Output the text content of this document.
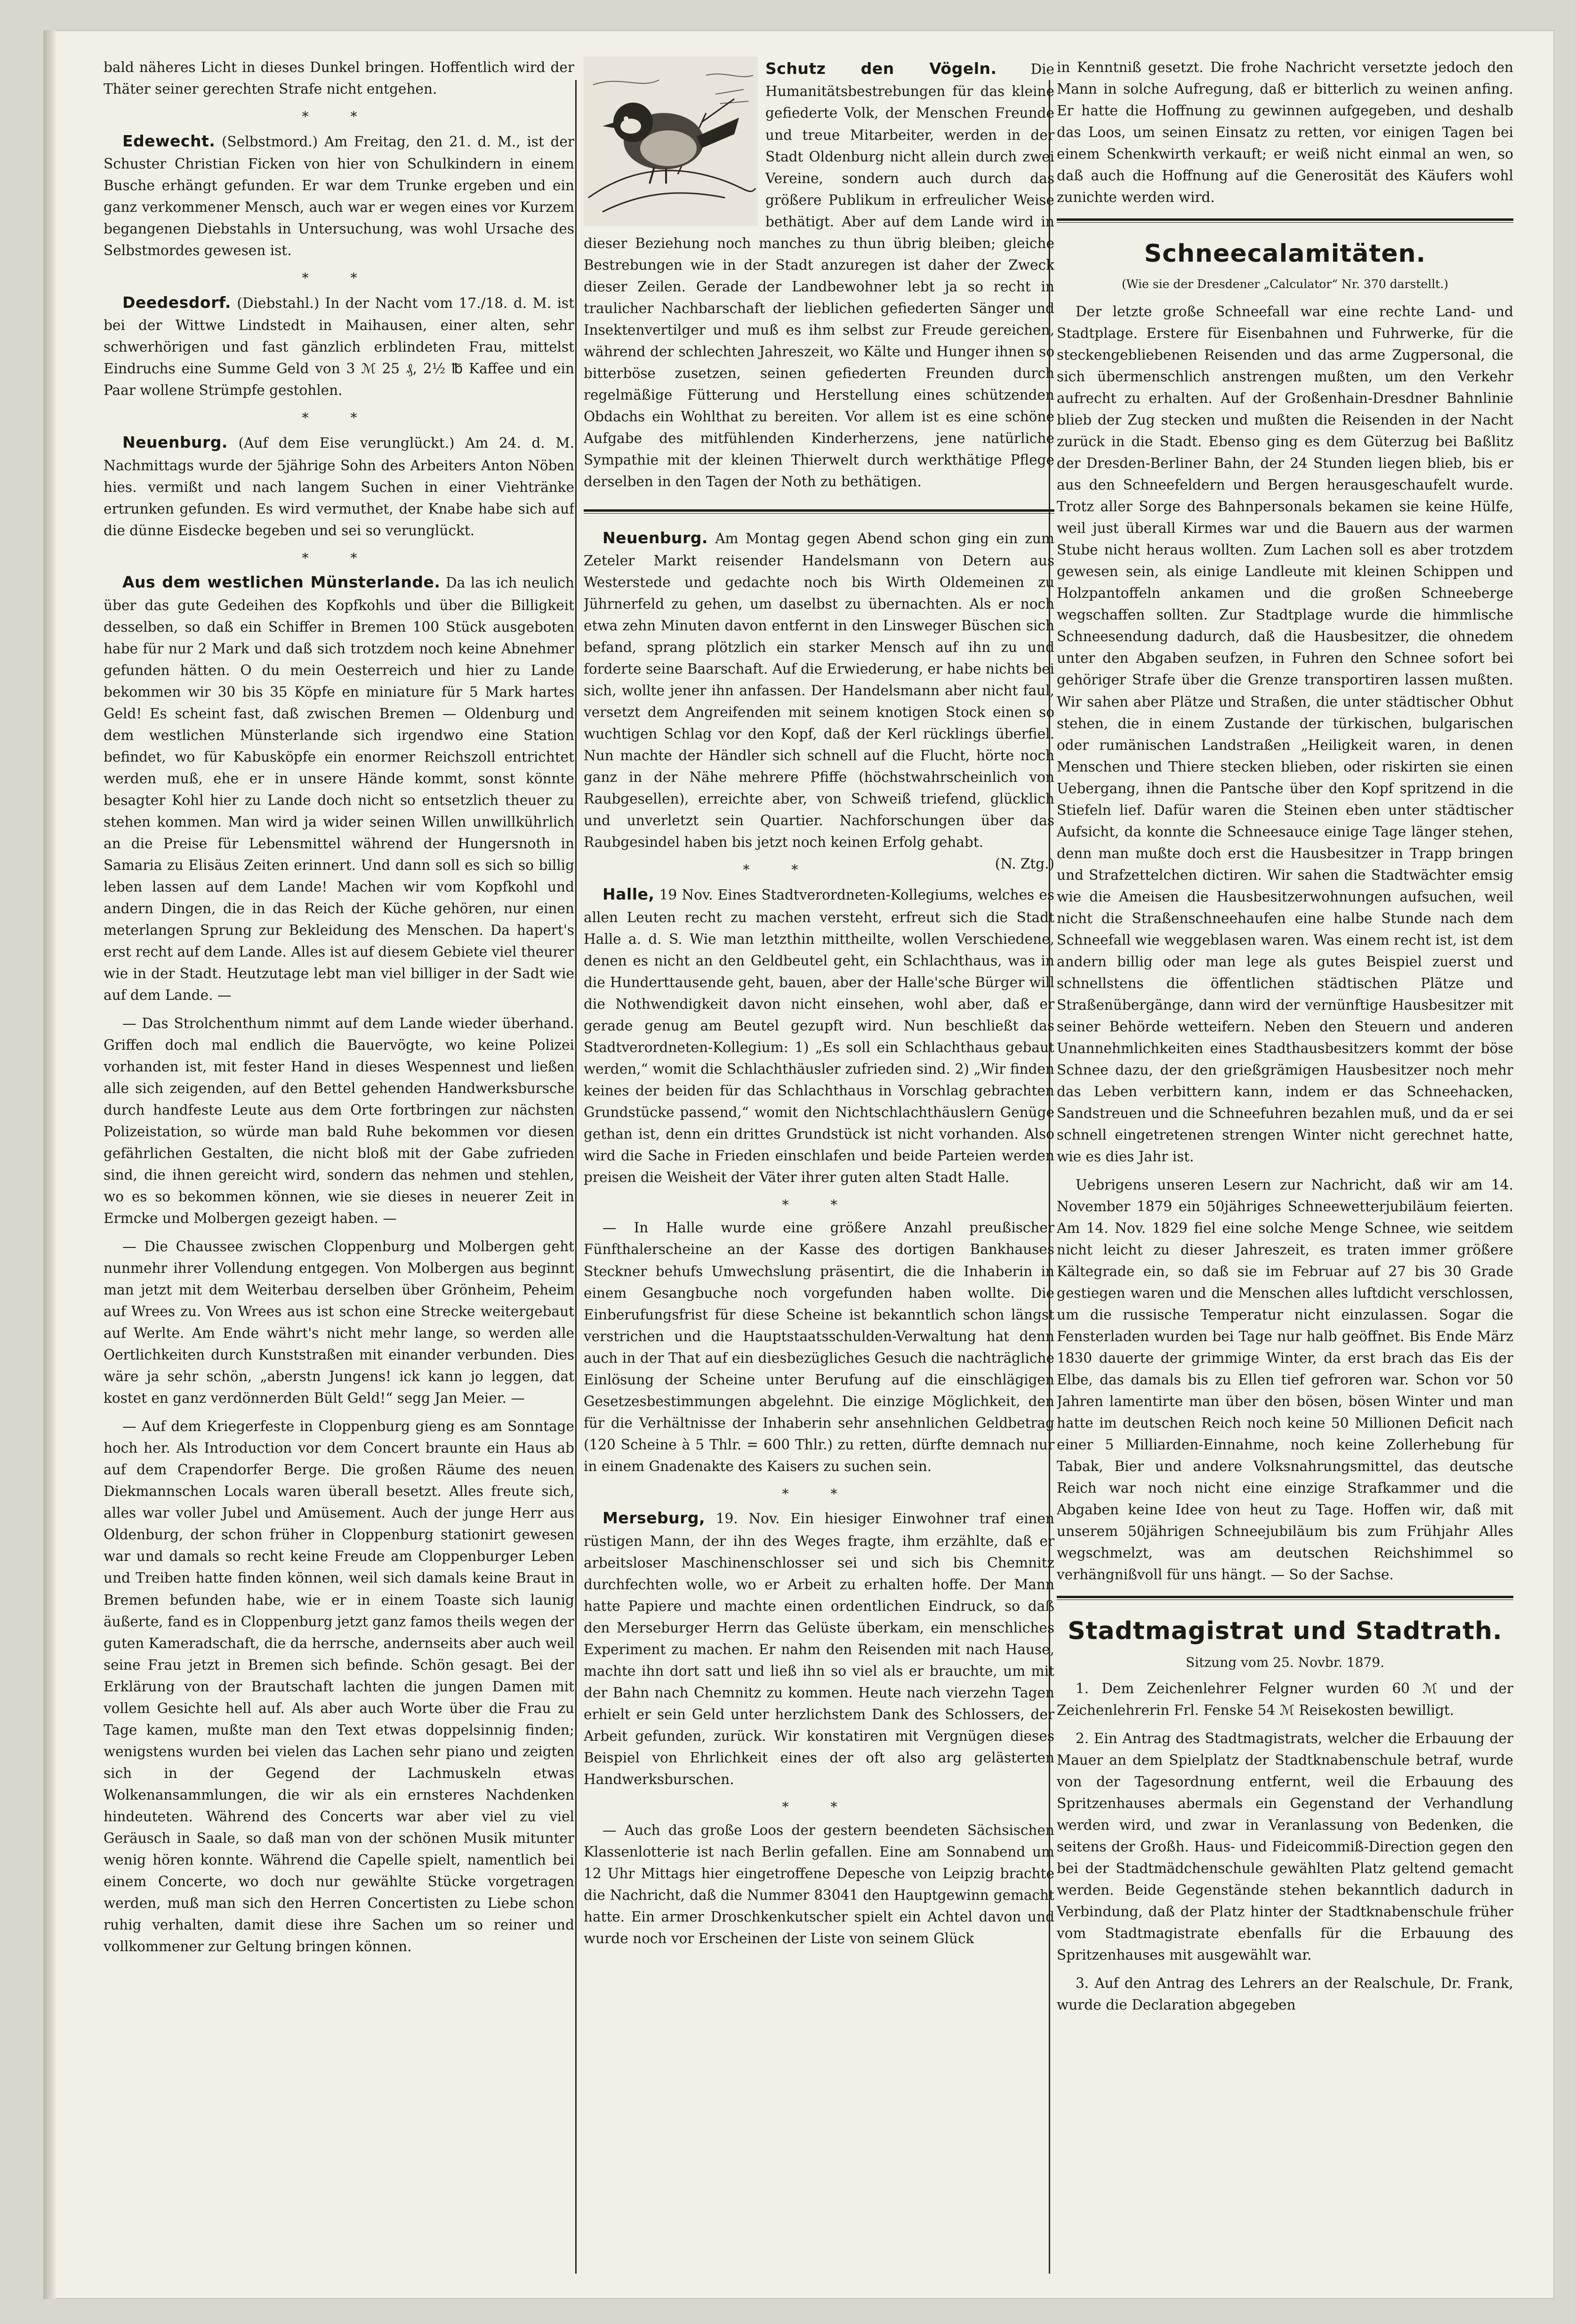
bald näheres Licht in dieses Dunkel bringen. Hoffentlich wird der Thäter seiner gerechten Strafe nicht entgehen.

* *

Edewecht. (Selbstmord.) Am Freitag, den 21. d. M., ist der Schuster Christian Ficken von hier von Schulkindern in einem Busche erhängt gefunden. Er war dem Trunke ergeben und ein ganz verkommener Mensch, auch war er wegen eines vor Kurzem begangenen Diebstahls in Untersuchung, was wohl Ursache des Selbstmordes gewesen ist.

* *

Deedesdorf. (Diebstahl.) In der Nacht vom 17./18. d. M. ist bei der Wittwe Lindstedt in Maihausen, einer alten, sehr schwerhörigen und fast gänzlich erblindeten Frau, mittelst Eindruchs eine Summe Geld von 3 ℳ 25 ₰, 2½ ℔ Kaffee und ein Paar wollene Strümpfe gestohlen.

* *

Neuenburg. (Auf dem Eise verunglückt.) Am 24. d. M. Nachmittags wurde der 5jährige Sohn des Arbeiters Anton Nöben hies. vermißt und nach langem Suchen in einer Viehtränke ertrunken gefunden. Es wird vermuthet, der Knabe habe sich auf die dünne Eisdecke begeben und sei so verunglückt.

* *

Aus dem westlichen Münsterlande. Da las ich neulich über das gute Gedeihen des Kopfkohls und über die Billigkeit desselben, so daß ein Schiffer in Bremen 100 Stück ausgeboten habe für nur 2 Mark und daß sich trotzdem noch keine Abnehmer gefunden hätten. O du mein Oesterreich und hier zu Lande bekommen wir 30 bis 35 Köpfe en miniature für 5 Mark hartes Geld! Es scheint fast, daß zwischen Bremen — Oldenburg und dem westlichen Münsterlande sich irgendwo eine Station befindet, wo für Kabusköpfe ein enormer Reichszoll entrichtet werden muß, ehe er in unsere Hände kommt, sonst könnte besagter Kohl hier zu Lande doch nicht so entsetzlich theuer zu stehen kommen. Man wird ja wider seinen Willen unwillkührlich an die Preise für Lebensmittel während der Hungersnoth in Samaria zu Elisäus Zeiten erinnert. Und dann soll es sich so billig leben lassen auf dem Lande! Machen wir vom Kopfkohl und andern Dingen, die in das Reich der Küche gehören, nur einen meterlangen Sprung zur Bekleidung des Menschen. Da hapert's erst recht auf dem Lande. Alles ist auf diesem Gebiete viel theurer wie in der Stadt. Heutzutage lebt man viel billiger in der Sadt wie auf dem Lande. —

— Das Strolchenthum nimmt auf dem Lande wieder überhand. Griffen doch mal endlich die Bauervögte, wo keine Polizei vorhanden ist, mit fester Hand in dieses Wespennest und ließen alle sich zeigenden, auf den Bettel gehenden Handwerksbursche durch handfeste Leute aus dem Orte fortbringen zur nächsten Polizeistation, so würde man bald Ruhe bekommen vor diesen gefährlichen Gestalten, die nicht bloß mit der Gabe zufrieden sind, die ihnen gereicht wird, sondern das nehmen und stehlen, wo es so bekommen können, wie sie dieses in neuerer Zeit in Ermcke und Molbergen gezeigt haben. —

— Die Chaussee zwischen Cloppenburg und Molbergen geht nunmehr ihrer Vollendung entgegen. Von Molbergen aus beginnt man jetzt mit dem Weiterbau derselben über Grönheim, Peheim auf Wrees zu. Von Wrees aus ist schon eine Strecke weitergebaut auf Werlte. Am Ende währt's nicht mehr lange, so werden alle Oertlichkeiten durch Kunststraßen mit einander verbunden. Dies wäre ja sehr schön, „aberstn Jungens! ick kann jo leggen, dat kostet en ganz verdönnerden Bült Geld!“ segg Jan Meier. —

— Auf dem Kriegerfeste in Cloppenburg gieng es am Sonntage hoch her. Als Introduction vor dem Concert braunte ein Haus ab auf dem Crapendorfer Berge. Die großen Räume des neuen Diekmannschen Locals waren überall besetzt. Alles freute sich, alles war voller Jubel und Amüsement. Auch der junge Herr aus Oldenburg, der schon früher in Cloppenburg stationirt gewesen war und damals so recht keine Freude am Cloppenburger Leben und Treiben hatte finden können, weil sich damals keine Braut in Bremen befunden habe, wie er in einem Toaste sich launig äußerte, fand es in Cloppenburg jetzt ganz famos theils wegen der guten Kameradschaft, die da herrsche, andernseits aber auch weil seine Frau jetzt in Bremen sich befinde. Schön gesagt. Bei der Erklärung von der Brautschaft lachten die jungen Damen mit vollem Gesichte hell auf. Als aber auch Worte über die Frau zu Tage kamen, mußte man den Text etwas doppelsinnig finden; wenigstens wurden bei vielen das Lachen sehr piano und zeigten sich in der Gegend der Lachmuskeln etwas Wolkenansammlungen, die wir als ein ernsteres Nachdenken hindeuteten. Während des Concerts war aber viel zu viel Geräusch in Saale, so daß man von der schönen Musik mitunter wenig hören konnte. Während die Capelle spielt, namentlich bei einem Concerte, wo doch nur gewählte Stücke vorgetragen werden, muß man sich den Herren Concertisten zu Liebe schon ruhig verhalten, damit diese ihre Sachen um so reiner und vollkommener zur Geltung bringen können.

Schutz den Vögeln. Die Humanitätsbestrebungen für das kleine gefiederte Volk, der Menschen Freunde und treue Mitarbeiter, werden in der Stadt Oldenburg nicht allein durch zwei Vereine, sondern auch durch das größere Publikum in erfreulicher Weise bethätigt. Aber auf dem Lande wird in dieser Beziehung noch manches zu thun übrig bleiben; gleiche Bestrebungen wie in der Stadt anzuregen ist daher der Zweck dieser Zeilen. Gerade der Landbewohner lebt ja so recht in traulicher Nachbarschaft der lieblichen gefiederten Sänger und Insektenvertilger und muß es ihm selbst zur Freude gereichen, während der schlechten Jahreszeit, wo Kälte und Hunger ihnen so bitterböse zusetzen, seinen gefiederten Freunden durch regelmäßige Fütterung und Herstellung eines schützenden Obdachs ein Wohlthat zu bereiten. Vor allem ist es eine schöne Aufgabe des mitfühlenden Kinderherzens, jene natürliche Sympathie mit der kleinen Thierwelt durch werkthätige Pflege derselben in den Tagen der Noth zu bethätigen.

Neuenburg. Am Montag gegen Abend schon ging ein zum Zeteler Markt reisender Handelsmann von Detern aus Westerstede und gedachte noch bis Wirth Oldemeinen zu Jührnerfeld zu gehen, um daselbst zu übernachten. Als er noch etwa zehn Minuten davon entfernt in den Linsweger Büschen sich befand, sprang plötzlich ein starker Mensch auf ihn zu und forderte seine Baarschaft. Auf die Erwiederung, er habe nichts bei sich, wollte jener ihn anfassen. Der Handelsmann aber nicht faul, versetzt dem Angreifenden mit seinem knotigen Stock einen so wuchtigen Schlag vor den Kopf, daß der Kerl rücklings überfiel. Nun machte der Händler sich schnell auf die Flucht, hörte noch ganz in der Nähe mehrere Pfiffe (höchstwahrscheinlich von Raubgesellen), erreichte aber, von Schweiß triefend, glücklich und unverletzt sein Quartier. Nachforschungen über das Raubgesindel haben bis jetzt noch keinen Erfolg gehabt.
(N. Ztg.)

* *

Halle, 19 Nov. Eines Stadtverordneten-Kollegiums, welches es allen Leuten recht zu machen versteht, erfreut sich die Stadt Halle a. d. S. Wie man letzthin mittheilte, wollen Verschiedene, denen es nicht an den Geldbeutel geht, ein Schlachthaus, was in die Hunderttausende geht, bauen, aber der Halle'sche Bürger will die Nothwendigkeit davon nicht einsehen, wohl aber, daß er gerade genug am Beutel gezupft wird. Nun beschließt das Stadtverordneten-Kollegium: 1) „Es soll ein Schlachthaus gebaut werden,“ womit die Schlachthäusler zufrieden sind. 2) „Wir finden keines der beiden für das Schlachthaus in Vorschlag gebrachten Grundstücke passend,“ womit den Nichtschlachthäuslern Genüge gethan ist, denn ein drittes Grundstück ist nicht vorhanden. Also wird die Sache in Frieden einschlafen und beide Parteien werden preisen die Weisheit der Väter ihrer guten alten Stadt Halle.

* *

— In Halle wurde eine größere Anzahl preußischer Fünfthalerscheine an der Kasse des dortigen Bankhauses Steckner behufs Umwechslung präsentirt, die die Inhaberin in einem Gesangbuche noch vorgefunden haben wollte. Die Einberufungsfrist für diese Scheine ist bekanntlich schon längst verstrichen und die Hauptstaatsschulden-Verwaltung hat denn auch in der That auf ein diesbezügliches Gesuch die nachträgliche Einlösung der Scheine unter Berufung auf die einschlägigen Gesetzesbestimmungen abgelehnt. Die einzige Möglichkeit, den für die Verhältnisse der Inhaberin sehr ansehnlichen Geldbetrag (120 Scheine à 5 Thlr. = 600 Thlr.) zu retten, dürfte demnach nur in einem Gnadenakte des Kaisers zu suchen sein.

* *

Merseburg, 19. Nov. Ein hiesiger Einwohner traf einen rüstigen Mann, der ihn des Weges fragte, ihm erzählte, daß er arbeitsloser Maschinenschlosser sei und sich bis Chemnitz durchfechten wolle, wo er Arbeit zu erhalten hoffe. Der Mann hatte Papiere und machte einen ordentlichen Eindruck, so daß den Merseburger Herrn das Gelüste überkam, ein menschliches Experiment zu machen. Er nahm den Reisenden mit nach Hause, machte ihn dort satt und ließ ihn so viel als er brauchte, um mit der Bahn nach Chemnitz zu kommen. Heute nach vierzehn Tagen erhielt er sein Geld unter herzlichstem Dank des Schlossers, der Arbeit gefunden, zurück. Wir konstatiren mit Vergnügen dieses Beispiel von Ehrlichkeit eines der oft also arg gelästerten Handwerksburschen.

* *

— Auch das große Loos der gestern beendeten Sächsischen Klassenlotterie ist nach Berlin gefallen. Eine am Sonnabend um 12 Uhr Mittags hier eingetroffene Depesche von Leipzig brachte die Nachricht, daß die Nummer 83041 den Hauptgewinn gemacht hatte. Ein armer Droschkenkutscher spielt ein Achtel davon und wurde noch vor Erscheinen der Liste von seinem Glück

in Kenntniß gesetzt. Die frohe Nachricht versetzte jedoch den Mann in solche Aufregung, daß er bitterlich zu weinen anfing. Er hatte die Hoffnung zu gewinnen aufgegeben, und deshalb das Loos, um seinen Einsatz zu retten, vor einigen Tagen bei einem Schenkwirth verkauft; er weiß nicht einmal an wen, so daß auch die Hoffnung auf die Generosität des Käufers wohl zunichte werden wird.

Schneecalamitäten.
(Wie sie der Dresdener „Calculator“ Nr. 370 darstellt.)

Der letzte große Schneefall war eine rechte Land- und Stadtplage. Erstere für Eisenbahnen und Fuhrwerke, für die steckengebliebenen Reisenden und das arme Zugpersonal, die sich übermenschlich anstrengen mußten, um den Verkehr aufrecht zu erhalten. Auf der Großenhain-Dresdner Bahnlinie blieb der Zug stecken und mußten die Reisenden in der Nacht zurück in die Stadt. Ebenso ging es dem Güterzug bei Baßlitz der Dresden-Berliner Bahn, der 24 Stunden liegen blieb, bis er aus den Schneefeldern und Bergen herausgeschaufelt wurde. Trotz aller Sorge des Bahnpersonals bekamen sie keine Hülfe, weil just überall Kirmes war und die Bauern aus der warmen Stube nicht heraus wollten. Zum Lachen soll es aber trotzdem gewesen sein, als einige Landleute mit kleinen Schippen und Holzpantoffeln ankamen und die großen Schneeberge wegschaffen sollten. Zur Stadtplage wurde die himmlische Schneesendung dadurch, daß die Hausbesitzer, die ohnedem unter den Abgaben seufzen, in Fuhren den Schnee sofort bei gehöriger Strafe über die Grenze transportiren lassen mußten. Wir sahen aber Plätze und Straßen, die unter städtischer Obhut stehen, die in einem Zustande der türkischen, bulgarischen oder rumänischen Landstraßen „Heiligkeit waren, in denen Menschen und Thiere stecken blieben, oder riskirten sie einen Uebergang, ihnen die Pantsche über den Kopf spritzend in die Stiefeln lief. Dafür waren die Steinen eben unter städtischer Aufsicht, da konnte die Schneesauce einige Tage länger stehen, denn man mußte doch erst die Hausbesitzer in Trapp bringen und Strafzettelchen dictiren. Wir sahen die Stadtwächter emsig wie die Ameisen die Hausbesitzerwohnungen aufsuchen, weil nicht die Straßenschneehaufen eine halbe Stunde nach dem Schneefall wie weggeblasen waren. Was einem recht ist, ist dem andern billig oder man lege als gutes Beispiel zuerst und schnellstens die öffentlichen städtischen Plätze und Straßenübergänge, dann wird der vernünftige Hausbesitzer mit seiner Behörde wetteifern. Neben den Steuern und anderen Unannehmlichkeiten eines Stadthausbesitzers kommt der böse Schnee dazu, der den grießgrämigen Hausbesitzer noch mehr das Leben verbittern kann, indem er das Schneehacken, Sandstreuen und die Schneefuhren bezahlen muß, und da er sei schnell eingetretenen strengen Winter nicht gerechnet hatte, wie es dies Jahr ist.

Uebrigens unseren Lesern zur Nachricht, daß wir am 14. November 1879 ein 50jähriges Schneewetterjubiläum feierten. Am 14. Nov. 1829 fiel eine solche Menge Schnee, wie seitdem nicht leicht zu dieser Jahreszeit, es traten immer größere Kältegrade ein, so daß sie im Februar auf 27 bis 30 Grade gestiegen waren und die Menschen alles luftdicht verschlossen, um die russische Temperatur nicht einzulassen. Sogar die Fensterladen wurden bei Tage nur halb geöffnet. Bis Ende März 1830 dauerte der grimmige Winter, da erst brach das Eis der Elbe, das damals bis zu Ellen tief gefroren war. Schon vor 50 Jahren lamentirte man über den bösen, bösen Winter und man hatte im deutschen Reich noch keine 50 Millionen Deficit nach einer 5 Milliarden-Einnahme, noch keine Zollerhebung für Tabak, Bier und andere Volksnahrungsmittel, das deutsche Reich war noch nicht eine einzige Strafkammer und die Abgaben keine Idee von heut zu Tage. Hoffen wir, daß mit unserem 50jährigen Schneejubiläum bis zum Frühjahr Alles wegschmelzt, was am deutschen Reichshimmel so verhängnißvoll für uns hängt. — So der Sachse.

Stadtmagistrat und Stadtrath.
Sitzung vom 25. Novbr. 1879.

1. Dem Zeichenlehrer Felgner wurden 60 ℳ und der Zeichenlehrerin Frl. Fenske 54 ℳ Reisekosten bewilligt.

2. Ein Antrag des Stadtmagistrats, welcher die Erbauung der Mauer an dem Spielplatz der Stadtknabenschule betraf, wurde von der Tagesordnung entfernt, weil die Erbauung des Spritzenhauses abermals ein Gegenstand der Verhandlung werden wird, und zwar in Veranlassung von Bedenken, die seitens der Großh. Haus- und Fideicommiß-Direction gegen den bei der Stadtmädchenschule gewählten Platz geltend gemacht werden. Beide Gegenstände stehen bekanntlich dadurch in Verbindung, daß der Platz hinter der Stadtknabenschule früher vom Stadtmagistrate ebenfalls für die Erbauung des Spritzenhauses mit ausgewählt war.

3. Auf den Antrag des Lehrers an der Realschule, Dr. Frank, wurde die Declaration abgegeben
